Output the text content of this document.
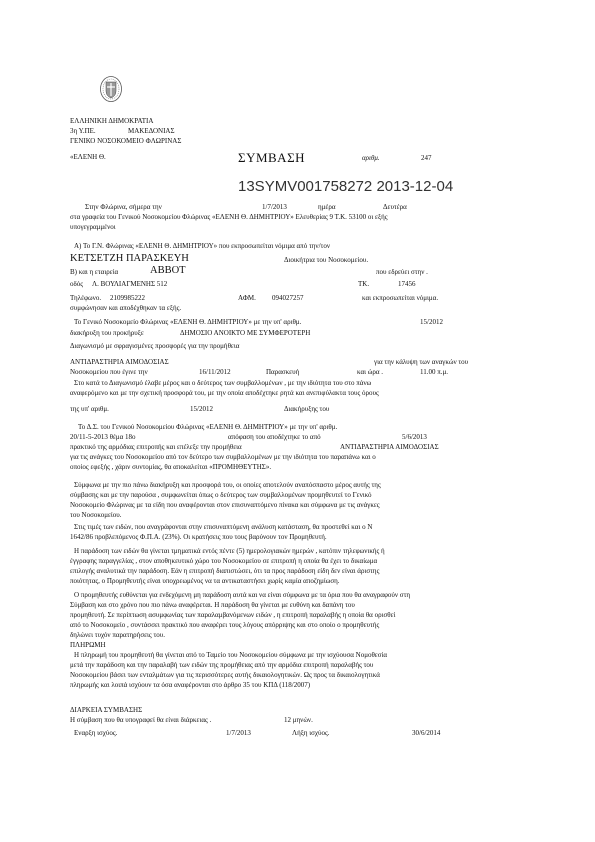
ΕΛΛΗΝΙΚΗ ΔΗΜΟΚΡΑΤΙΑ
3η Υ.ΠΕ.	ΜΑΚΕΔΟΝΙΑΣ
ΓΕΝΙΚΟ ΝΟΣΟΚΟΜΕΙΟ ΦΛΩΡΙΝΑΣ
«ΕΛΕΝΗ Θ.	ΣΥΜΒΑΣΗ	αριθμ.	247
13SYMV001758272 2013-12-04
Στην Φλώρινα, σήμερα την	1/7/2013	ημέρα	Δευτέρα
στα γραφεία του Γενικού Νοσοκομείου Φλώρινας «ΕΛΕΝΗ Θ. ΔΗΜΗΤΡΙΟΥ» Ελευθερίας 9 Τ.Κ. 53100 οι εξής
υπογεγραμμένοι
Α) Το Γ.Ν. Φλώρινας «ΕΛΕΝΗ Θ. ΔΗΜΗΤΡΙΟΥ» που εκπροσωπείται νόμιμα από την/τον
ΚΕΤΣΕΤΖΗ ΠΑΡΑΣΚΕΥΗ	Διοικήτρια του Νοσοκομείου.
Β) και η εταιρεία	ABBOT	που εδρεύει στην .
οδός Λ. ΒΟΥΛΙΑΓΜΕΝΗΣ 512	ΤΚ.	17456
Τηλέφωνο. 2109985222	ΑΦΜ. 094027257	και εκπροσωπείται νόμιμα.
συμφώνησαν και αποδέχθηκαν τα εξής.
Το Γενικό Νοσοκομείο Φλώρινας «ΕΛΕΝΗ Θ. ΔΗΜΗΤΡΙΟΥ» με την υπ' αριθμ.	15/2012
διακήρυξη του προκήρυξε	ΔΗΜΟΣΙΟ ΑΝΟΙΚΤΟ ΜΕ ΣΥΜΦΕΡΟΤΕΡΗ
Διαγωνισμό με σφραγισμένες προσφορές για την προμήθεια
ΑΝΤΙΔΡΑΣΤΗΡΙΑ ΑΙΜΟΔΟΣΙΑΣ	για την κάλυψη των αναγκών του
Νοσοκομείου που έγινε την	16/11/2012	Παρασκευή	και ώρα .	11.00 π.μ.
Στο κατά το Διαγωνισμό έλαβε μέρος και ο δεύτερος των συμβαλλομένων , με την ιδιότητα του στο πάνω
αναφερόμενο και με την σχετική προσφορά του, με την οποία αποδέχτηκε ρητά και ανεπιφύλακτα τους όρους
της υπ' αριθμ.	15/2012	Διακήρυξης του
Το Δ.Σ. του Γενικού Νοσοκομείου Φλώρινας «ΕΛΕΝΗ Θ. ΔΗΜΗΤΡΙΟΥ» με την υπ' αριθμ.
20/11-5-2013 θέμα 18ο	απόφαση του αποδέχτηκε το από	5/6/2013
πρακτικό της αρμόδιας επιτροπής και επέλεξε την προμήθεια	ΑΝΤΙΔΡΑΣΤΗΡΙΑ ΑΙΜΟΔΟΣΙΑΣ
για τις ανάγκες του Νοσοκομείου από τον δεύτερο των συμβαλλομένων με την ιδιότητα του παραπάνω και ο
οποίος εφεξής , χάριν συντομίας, θα αποκαλείται «ΠΡΟΜΗΘΕΥΤΗΣ».
Σύμφωνα με την πιο πάνω διακήρυξη και προσφορά του, οι οποίες αποτελούν αναπόσπαστο μέρος αυτής της
σύμβασης και με την παρούσα , συμφωνείται όπως ο δεύτερος των συμβαλλομένων προμηθευτεί το Γενικό
Νοσοκομείο Φλώρινας με τα είδη που αναφέρονται στον επισυναπτόμενο πίνακα και σύμφωνα με τις ανάγκες
του Νοσοκομείου.
Στις τιμές των ειδών, που αναγράφονται στην επισυναπτόμενη ανάλυση κατάσταση, θα προστεθεί και ο Ν
1642/86 προβλεπόμενος Φ.Π.Α. (23%). Οι κρατήσεις που τους βαρύνουν τον Προμηθευτή.
Η παράδοση των ειδών θα γίνεται τμηματικά εντός πέντε (5) ημερολογιακών ημερών , κατόπιν τηλεφωνικής ή
έγγραφης παραγγελίας , στον αποθηκευτικό χώρο του Νοσοκομείου σε επιτροπή η οποία θα έχει το δικαίωμα
επιλογής αναλυτικά την παράδοση. Εάν η επιτροπή διαπιστώσει, ότι τα προς παράδοση είδη δεν είναι άριστης
ποιότητας, ο Προμηθευτής είναι υποχρεωμένος να τα αντικαταστήσει χωρίς καμία αποζημίωση.
Ο προμηθευτής ευθύνεται για ενδεχόμενη μη παράδοση αυτά και να είναι σύμφωνα με τα όρια που θα αναγραφούν στη
Σύμβαση και στο χρόνο που πιο πάνω αναφέρεται. Η παράδοση θα γίνεται με ευθύνη και δαπάνη του
προμηθευτή. Σε περίπτωση ασυμφωνίας των παραλαμβανόμενων ειδών , η επιτροπή παραλαβής η οποία θα ορισθεί
από το Νοσοκομείο , συντάσσει πρακτικό που αναφέρει τους λόγους απόρριψης και στο οποίο ο προμηθευτής
δηλώνει τυχόν παρατηρήσεις του.
ΠΛΗΡΩΜΗ
Η πληρωμή του προμηθευτή θα γίνεται από το Ταμείο του Νοσοκομείου σύμφωνα με την ισχύουσα Νομοθεσία
μετά την παράδοση και την παραλαβή των ειδών της προμήθειας από την αρμόδια επιτροπή παραλαβής του
Νοσοκομείου βάσει των ενταλμάτων για τις περισσότερες αυτής δικαιολογητικών. Ως προς τα δικαιολογητικά
πληρωμής και λοιπά ισχύουν τα όσα αναφέρονται στο άρθρο 35 του ΚΠΔ (118/2007)
ΔΙΑΡΚΕΙΑ ΣΥΜΒΑΣΗΣ
Η σύμβαση που θα υπογραφεί θα είναι διάρκειας .	12 μηνών.
Εναρξη ισχύος.	1/7/2013	Λήξη ισχύος.	30/6/2014
